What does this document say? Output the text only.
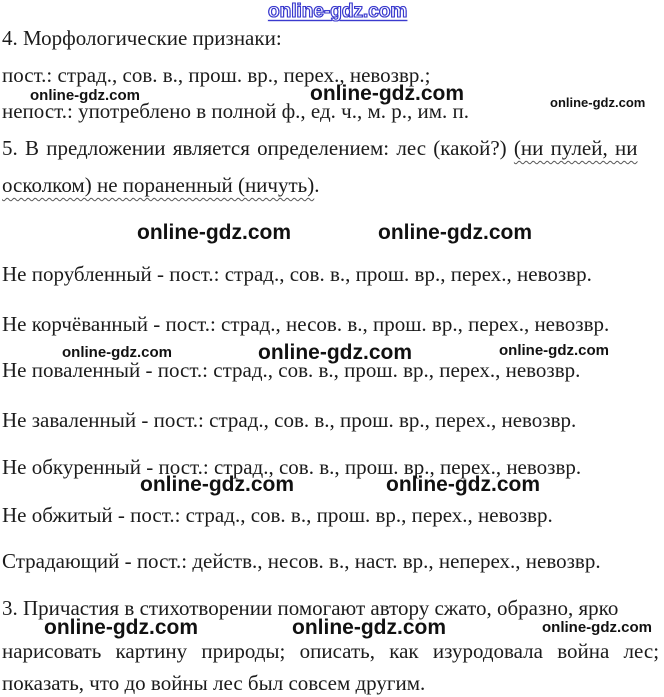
online-gdz.com
4. Морфологические признаки:
пост.: страд., сов. в., прош. вр., перех., невозвр.;
online-gdz.com	online-gdz.com	online-gdz.com
непост.: употреблено в полной ф., ед. ч., м. р., им. п.
5. В предложении является определением: лес (какой?) (ни пулей, ни
осколком) не пораненный (ничуть).
online-gdz.com	online-gdz.com
Не порубленный - пост.: страд., сов. в., прош. вр., перех., невозвр.
Не корчёванный - пост.: страд., несов. в., прош. вр., перех., невозвр.
online-gdz.com	online-gdz.com	online-gdz.com
Не поваленный - пост.: страд., сов. в., прош. вр., перех., невозвр.
Не заваленный - пост.: страд., сов. в., прош. вр., перех., невозвр.
Не обкуренный - пост.: страд., сов. в., прош. вр., перех., невозвр.
online-gdz.com	online-gdz.com
Не обжитый - пост.: страд., сов. в., прош. вр., перех., невозвр.
Страдающий - пост.: действ., несов. в., наст. вр., неперех., невозвр.
3. Причастия в стихотворении помогают автору сжато, образно, ярко
online-gdz.com	online-gdz.com	online-gdz.com
нарисовать картину природы; описать, как изуродовала война лес;
показать, что до войны лес был совсем другим.
